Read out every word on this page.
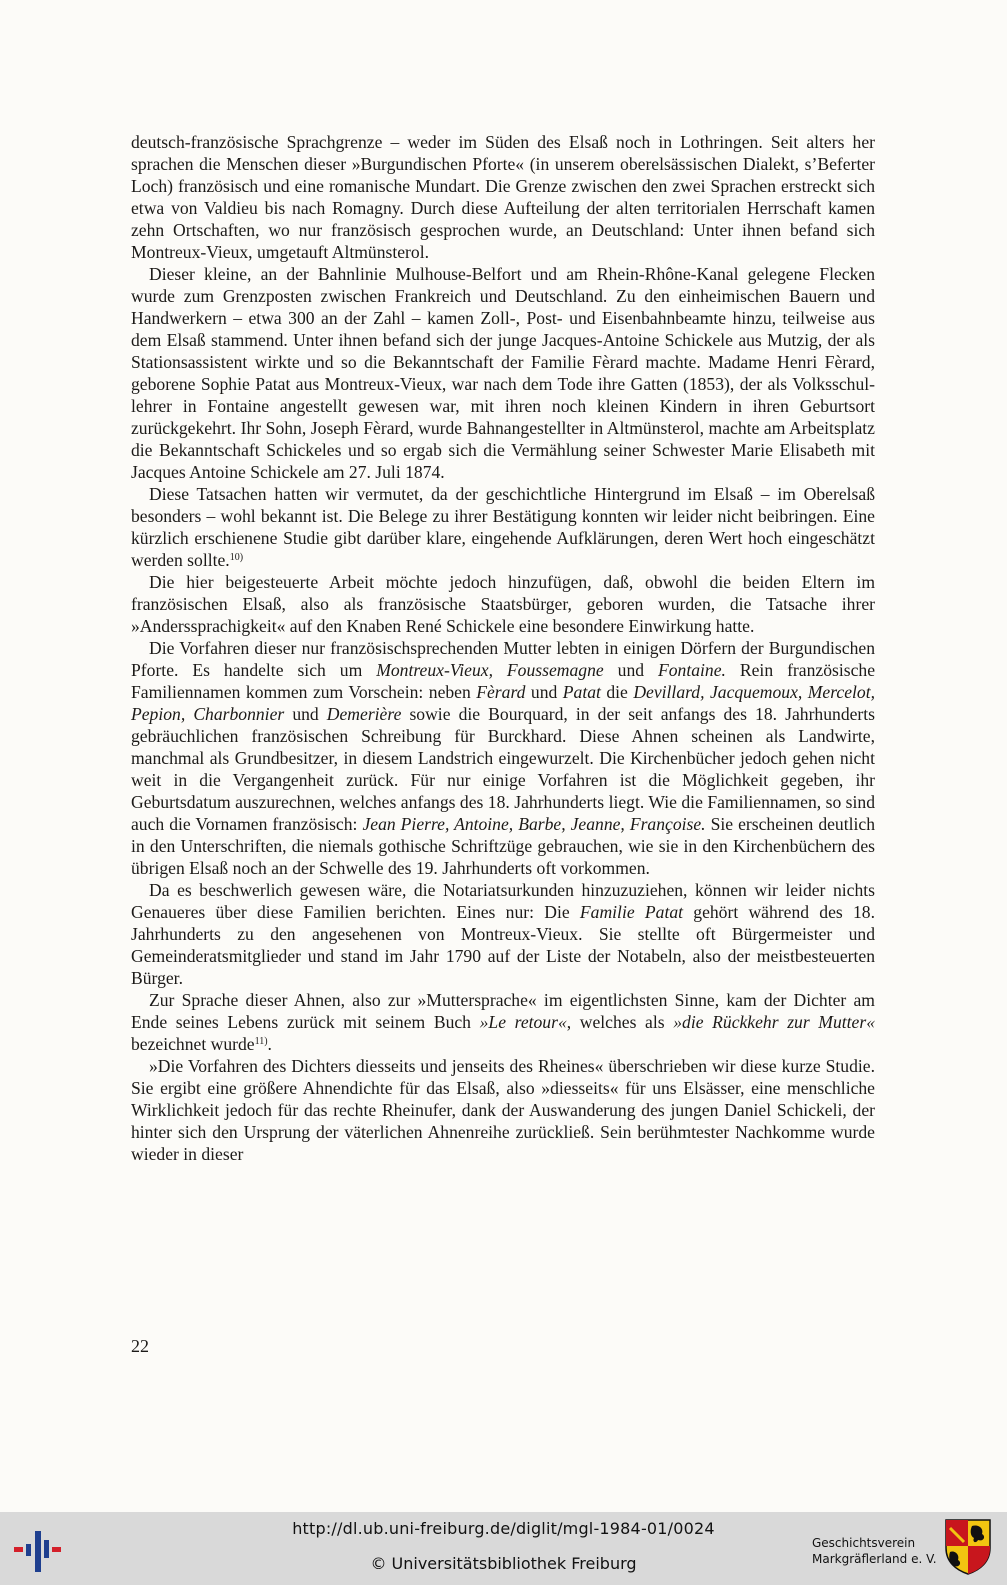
deutsch-französische Sprachgrenze – weder im Süden des Elsaß noch in Lothringen. Seit alters her sprachen die Menschen dieser »Burgundischen Pforte« (in unserem oberelsässischen Dialekt, s’Beferter Loch) französisch und eine romanische Mundart. Die Grenze zwischen den zwei Sprachen erstreckt sich etwa von Valdieu bis nach Romagny. Durch diese Aufteilung der alten territorialen Herrschaft kamen zehn Ortschaften, wo nur französisch gesprochen wurde, an Deutschland: Unter ihnen befand sich Montreux-Vieux, umgetauft Altmünsterol.

Dieser kleine, an der Bahnlinie Mulhouse-Belfort und am Rhein-Rhône-Kanal gelegene Flecken wurde zum Grenzposten zwischen Frankreich und Deutschland. Zu den einheimischen Bauern und Handwerkern – etwa 300 an der Zahl – kamen Zoll-, Post- und Eisenbahnbeamte hinzu, teilweise aus dem Elsaß stammend. Unter ihnen befand sich der junge Jacques-Antoine Schickele aus Mutzig, der als Stationsassistent wirkte und so die Bekanntschaft der Familie Fèrard machte. Madame Henri Fèrard, geborene Sophie Patat aus Montreux-Vieux, war nach dem Tode ihre Gatten (1853), der als Volksschullehrer in Fontaine angestellt gewesen war, mit ihren noch kleinen Kindern in ihren Geburtsort zurückgekehrt. Ihr Sohn, Joseph Fèrard, wurde Bahnangestellter in Altmünsterol, machte am Arbeitsplatz die Bekanntschaft Schickeles und so ergab sich die Vermählung seiner Schwester Marie Elisabeth mit Jacques Antoine Schickele am 27. Juli 1874.

Diese Tatsachen hatten wir vermutet, da der geschichtliche Hintergrund im Elsaß – im Oberelsaß besonders – wohl bekannt ist. Die Belege zu ihrer Bestätigung konnten wir leider nicht beibringen. Eine kürzlich erschienene Studie gibt darüber klare, eingehende Aufklärungen, deren Wert hoch eingeschätzt werden sollte.$^{10)}$

Die hier beigesteuerte Arbeit möchte jedoch hinzufügen, daß, obwohl die beiden Eltern im französischen Elsaß, also als französische Staatsbürger, geboren wurden, die Tatsache ihrer »Anderssprachigkeit« auf den Knaben René Schickele eine besondere Einwirkung hatte.

Die Vorfahren dieser nur französischsprechenden Mutter lebten in einigen Dörfern der Burgundischen Pforte. Es handelte sich um Montreux-Vieux, Foussemagne und Fontaine. Rein französische Familiennamen kommen zum Vorschein: neben Fèrard und Patat die Devillard, Jacquemoux, Mercelot, Pepion, Charbonnier und Demerière sowie die Bourquard, in der seit anfangs des 18. Jahrhunderts gebräuchlichen französischen Schreibung für Burckhard. Diese Ahnen scheinen als Landwirte, manchmal als Grundbesitzer, in diesem Landstrich eingewurzelt. Die Kirchenbücher jedoch gehen nicht weit in die Vergangenheit zurück. Für nur einige Vorfahren ist die Möglichkeit gegeben, ihr Geburtsdatum auszurechnen, welches anfangs des 18. Jahrhunderts liegt. Wie die Familiennamen, so sind auch die Vornamen französisch: Jean Pierre, Antoine, Barbe, Jeanne, Françoise. Sie erscheinen deutlich in den Unterschriften, die niemals gothische Schriftzüge gebrauchen, wie sie in den Kirchenbüchern des übrigen Elsaß noch an der Schwelle des 19. Jahrhunderts oft vorkommen.

Da es beschwerlich gewesen wäre, die Notariatsurkunden hinzuzuziehen, können wir leider nichts Genaueres über diese Familien berichten. Eines nur: Die Familie Patat gehört während des 18. Jahrhunderts zu den angesehenen von Montreux-Vieux. Sie stellte oft Bürgermeister und Gemeinderatsmitglieder und stand im Jahr 1790 auf der Liste der Notabeln, also der meistbesteuerten Bürger.

Zur Sprache dieser Ahnen, also zur »Muttersprache« im eigentlichsten Sinne, kam der Dichter am Ende seines Lebens zurück mit seinem Buch »Le retour«, welches als »die Rückkehr zur Mutter« bezeichnet wurde$^{11)}$.

»Die Vorfahren des Dichters diesseits und jenseits des Rheines« überschrieben wir diese kurze Studie. Sie ergibt eine größere Ahnendichte für das Elsaß, also »diesseits« für uns Elsässer, eine menschliche Wirklichkeit jedoch für das rechte Rheinufer, dank der Auswanderung des jungen Daniel Schickeli, der hinter sich den Ursprung der väterlichen Ahnenreihe zurückließ. Sein berühmtester Nachkomme wurde wieder in dieser

22
http://dl.ub.uni-freiburg.de/diglit/mgl-1984-01/0024
© Universitätsbibliothek Freiburg
Geschichtsverein
Markgräflerland e. V.
